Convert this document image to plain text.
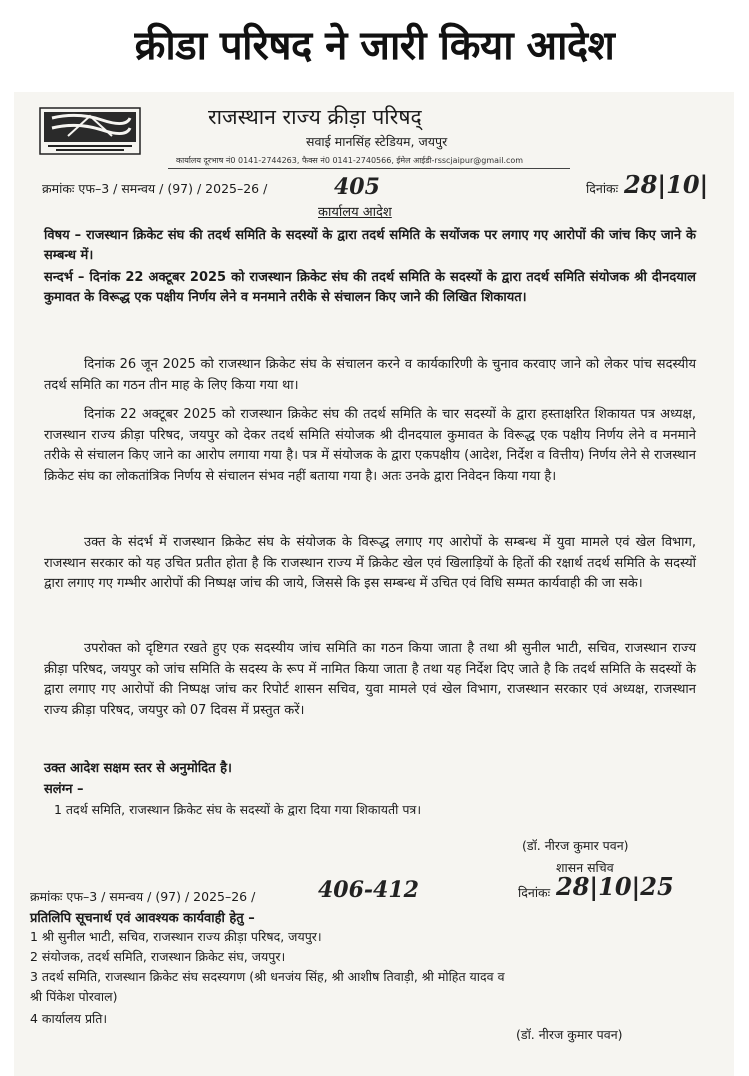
क्रीडा परिषद ने जारी किया आदेश
राजस्थान राज्य क्रीड़ा परिषद्
सवाई मानसिंह स्टेडियम, जयपुर
कार्यालय दूरभाष नं0 0141-2744263, फैक्स नं0 0141-2740566, ईमेल आईडी-rsscjaipur@gmail.com
क्रमांकः एफ–3 / समन्वय / (97) / 2025–26 /	405	दिनांकः 28|10|
कार्यालय आदेश
विषय – राजस्थान क्रिकेट संघ की तदर्थ समिति के सदस्यों के द्वारा तदर्थ समिति के सयोंजक पर लगाए गए आरोपों की जांच किए जाने के सम्बन्ध में।
सन्दर्भ – दिनांक 22 अक्टूबर 2025 को राजस्थान क्रिकेट संघ की तदर्थ समिति के सदस्यों के द्वारा तदर्थ समिति संयोजक श्री दीनदयाल कुमावत के विरूद्ध एक पक्षीय निर्णय लेने व मनमाने तरीके से संचालन किए जाने की लिखित शिकायत।
दिनांक 26 जून 2025 को राजस्थान क्रिकेट संघ के संचालन करने व कार्यकारिणी के चुनाव करवाए जाने को लेकर पांच सदस्यीय तदर्थ समिति का गठन तीन माह के लिए किया गया था।
दिनांक 22 अक्टूबर 2025 को राजस्थान क्रिकेट संघ की तदर्थ समिति के चार सदस्यों के द्वारा हस्ताक्षरित शिकायत पत्र अध्यक्ष, राजस्थान राज्य क्रीड़ा परिषद, जयपुर को देकर तदर्थ समिति संयोजक श्री दीनदयाल कुमावत के विरूद्ध एक पक्षीय निर्णय लेने व मनमाने तरीके से संचालन किए जाने का आरोप लगाया गया है। पत्र में संयोजक के द्वारा एकपक्षीय (आदेश, निर्देश व वित्तीय) निर्णय लेने से राजस्थान क्रिकेट संघ का लोकतांत्रिक निर्णय से संचालन संभव नहीं बताया गया है। अतः उनके द्वारा निवेदन किया गया है।
उक्त के संदर्भ में राजस्थान क्रिकेट संघ के संयोजक के विरूद्ध लगाए गए आरोपों के सम्बन्ध में युवा मामले एवं खेल विभाग, राजस्थान सरकार को यह उचित प्रतीत होता है कि राजस्थान राज्य में क्रिकेट खेल एवं खिलाड़ियों के हितों की रक्षार्थ तदर्थ समिति के सदस्यों द्वारा लगाए गए गम्भीर आरोपों की निष्पक्ष जांच की जाये, जिससे कि इस सम्बन्ध में उचित एवं विधि सम्मत कार्यवाही की जा सके।
उपरोक्त को दृष्टिगत रखते हुए एक सदस्यीय जांच समिति का गठन किया जाता है तथा श्री सुनील भाटी, सचिव, राजस्थान राज्य क्रीड़ा परिषद, जयपुर को जांच समिति के सदस्य के रूप में नामित किया जाता है तथा यह निर्देश दिए जाते है कि तदर्थ समिति के सदस्यों के द्वारा लगाए गए आरोपों की निष्पक्ष जांच कर रिपोर्ट शासन सचिव, युवा मामले एवं खेल विभाग, राजस्थान सरकार एवं अध्यक्ष, राजस्थान राज्य क्रीड़ा परिषद, जयपुर को 07 दिवस में प्रस्तुत करें।
उक्त आदेश सक्षम स्तर से अनुमोदित है।
सलंग्न –
1 तदर्थ समिति, राजस्थान क्रिकेट संघ के सदस्यों के द्वारा दिया गया शिकायती पत्र।
(डॉ. नीरज कुमार पवन)
शासन सचिव
क्रमांकः एफ–3 / समन्वय / (97) / 2025–26 /	406-412	दिनांकः 28|10|25
प्रतिलिपि सूचनार्थ एवं आवश्यक कार्यवाही हेतु –
1 श्री सुनील भाटी, सचिव, राजस्थान राज्य क्रीड़ा परिषद, जयपुर।
2 संयोजक, तदर्थ समिति, राजस्थान क्रिकेट संघ, जयपुर।
3 तदर्थ समिति, राजस्थान क्रिकेट संघ सदस्यगण (श्री धनजंय सिंह, श्री आशीष तिवाड़ी, श्री मोहित यादव व
श्री पिंकेश पोरवाल)
4 कार्यालय प्रति।
(डॉ. नीरज कुमार पवन)
